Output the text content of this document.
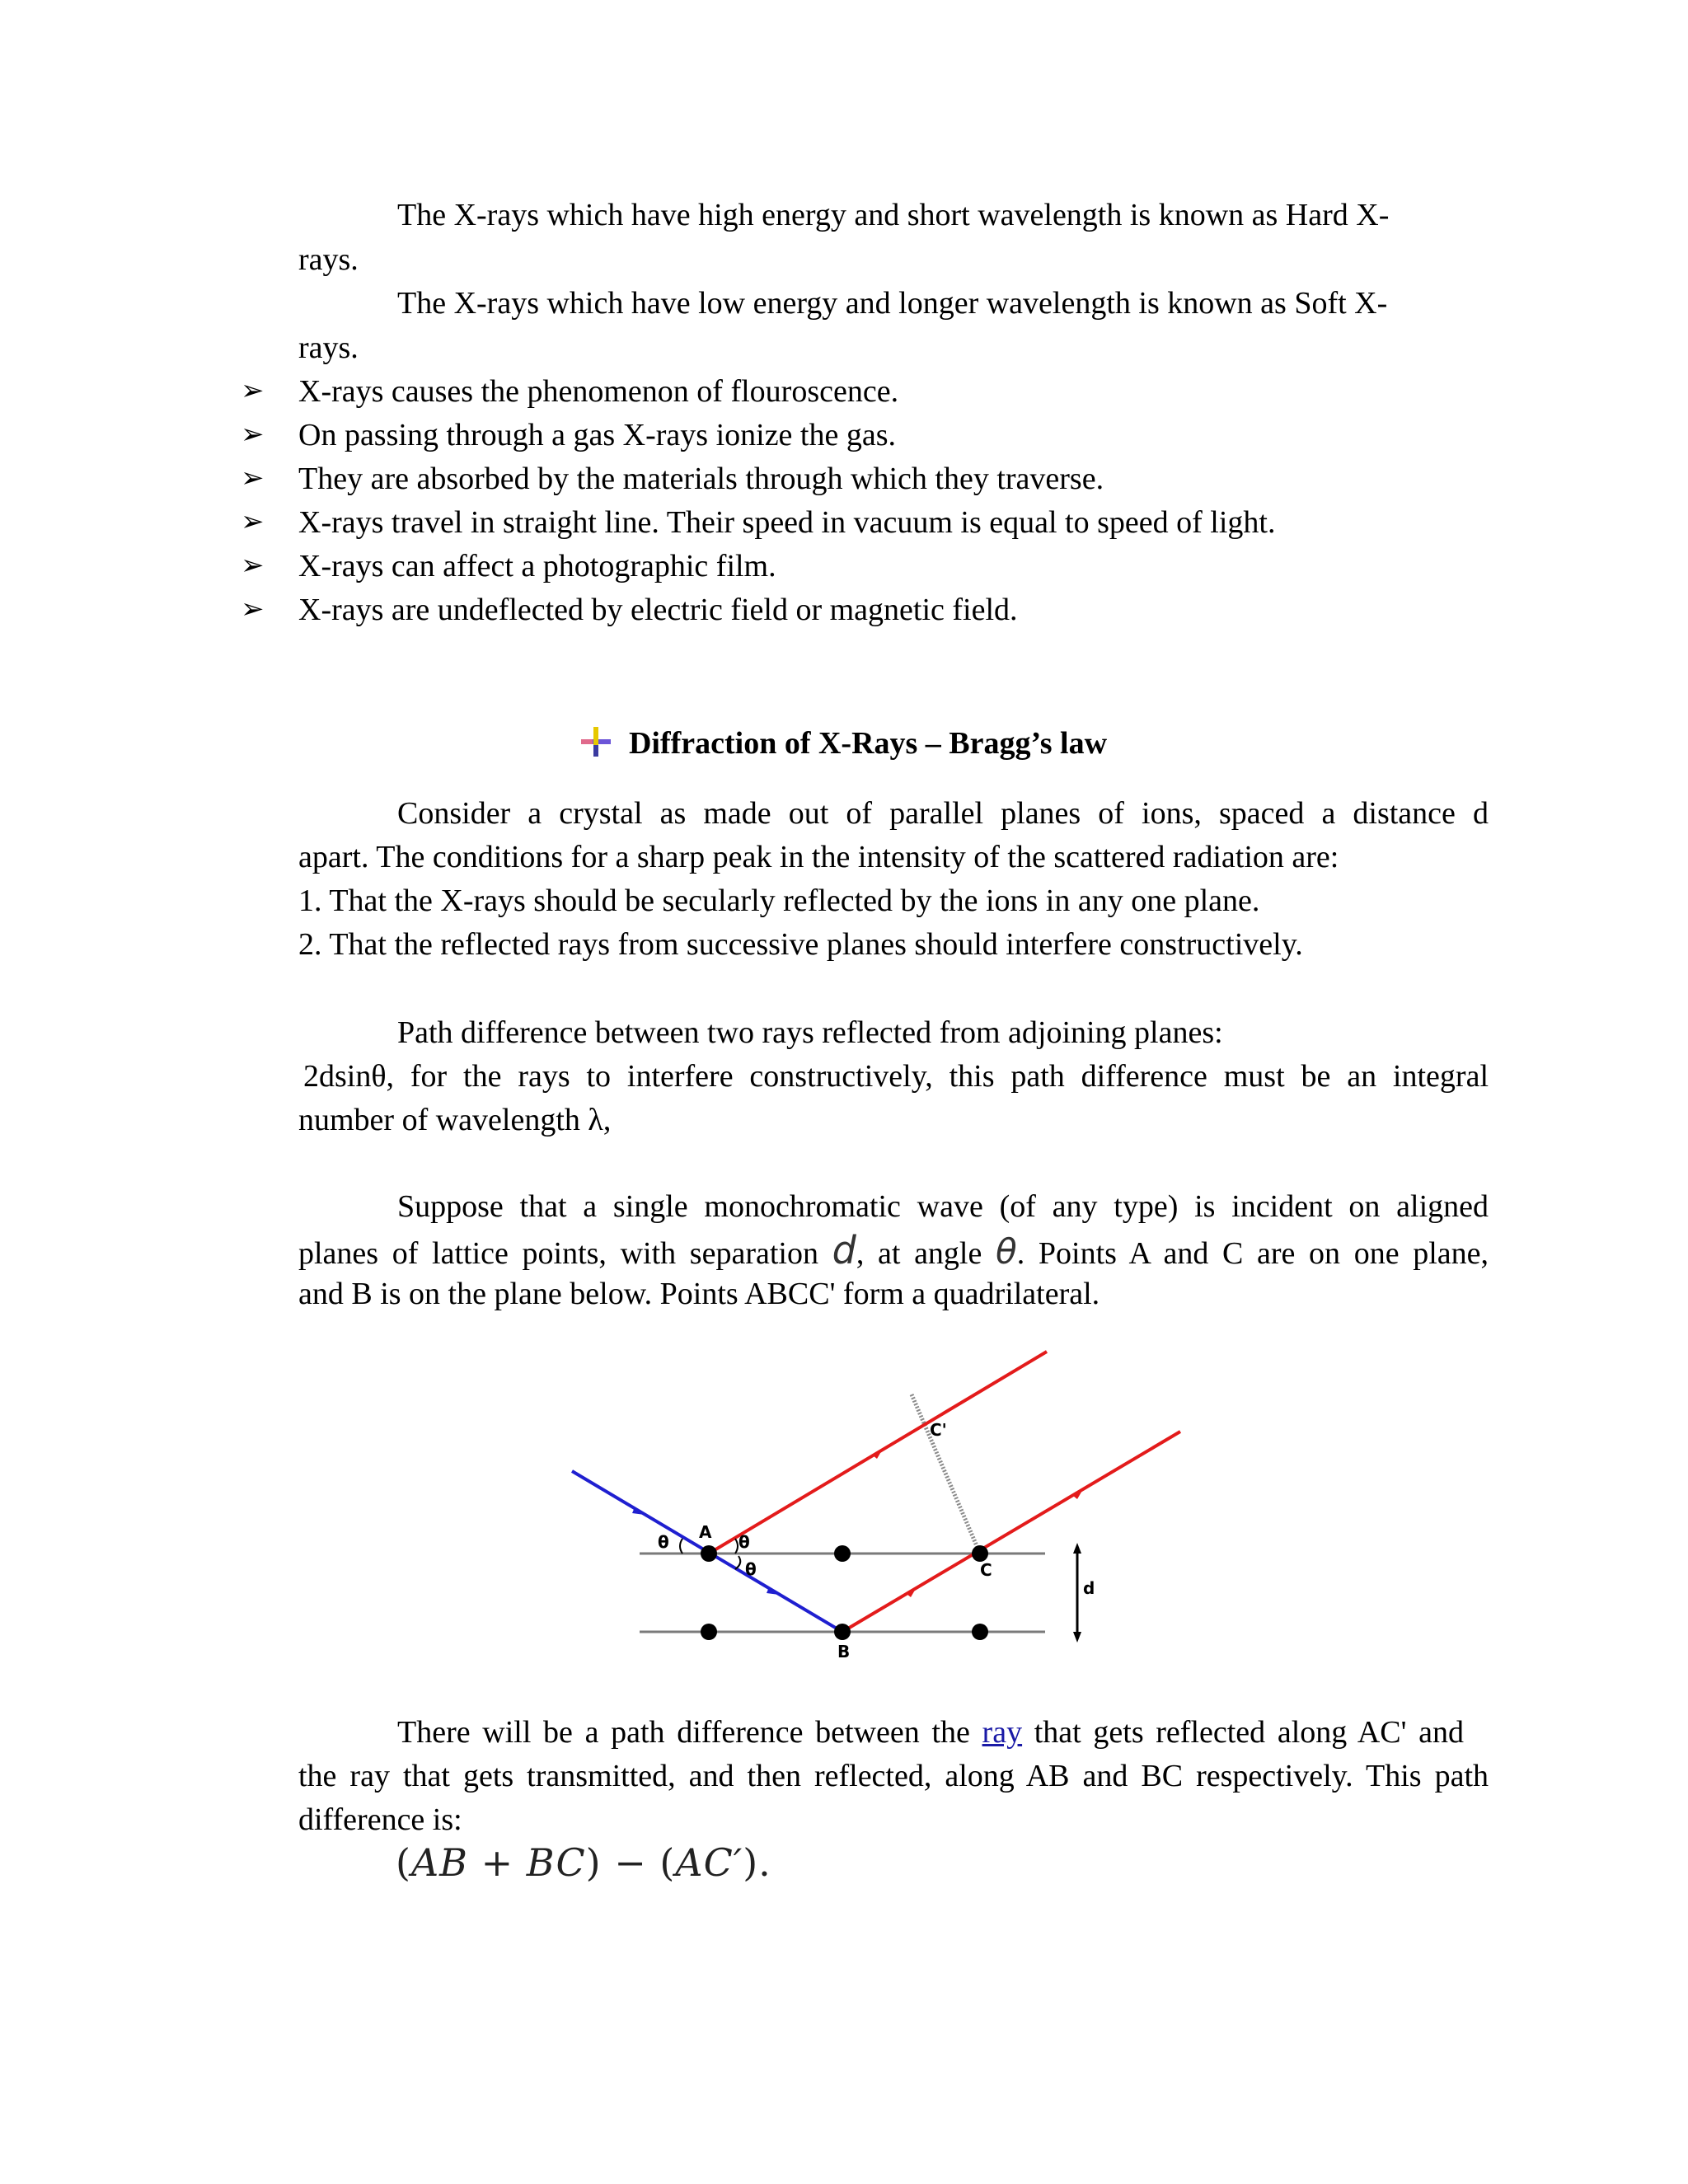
The X-rays which have high energy and short wavelength is known as Hard X-
rays.
The X-rays which have low energy and longer wavelength is known as Soft X-
rays.
➢ X-rays causes the phenomenon of flouroscence.
➢ On passing through a gas X-rays ionize the gas.
➢ They are absorbed by the materials through which they traverse.
➢ X-rays travel in straight line. Their speed in vacuum is equal to speed of light.
➢ X-rays can affect a photographic film.
➢ X-rays are undeflected by electric field or magnetic field.
Diffraction of X-Rays – Bragg’s law
Consider a crystal as made out of parallel planes of ions, spaced a distance d
apart. The conditions for a sharp peak in the intensity of the scattered radiation are:
1. That the X-rays should be secularly reflected by the ions in any one plane.
2. That the reflected rays from successive planes should interfere constructively.
Path difference between two rays reflected from adjoining planes:
2dsinθ, for the rays to interfere constructively, this path difference must be an integral
number of wavelength λ,
Suppose that a single monochromatic wave (of any type) is incident on aligned
planes of lattice points, with separation d, at angle θ. Points A and C are on one plane,
and B is on the plane below. Points ABCC' form a quadrilateral.
A
B
C
C'
d
θ	θ
θ
There will be a path difference between the ray that gets reflected along AC' and
the ray that gets transmitted, and then reflected, along AB and BC respectively. This path
difference is:
(AB + BC) − (AC′).
